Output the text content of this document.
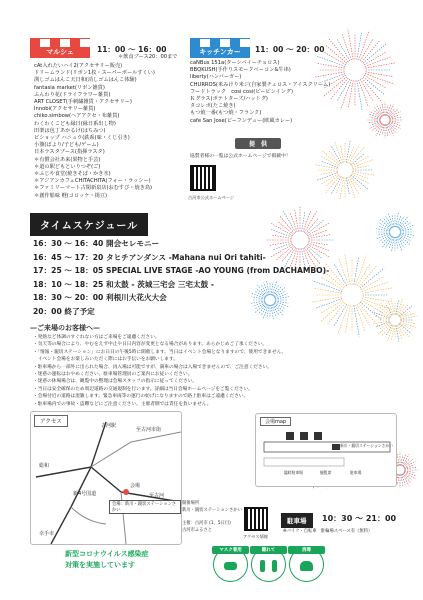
マルシェ	11：00 ～ 16：00
＊飲食ブース20：00まで
cAt入れたいハイ2(アクセサリー販売)
ドリームランド(リボン1枚・スーパーボールすくい)
渕しゴムはんこ天日和(消しゴムはんこ体験)
fantasia market(リボン雑貨)
ふんわり花(ドライフラワー雑貨)
ART CLOSET(手刺繍雑貨・アクセサリー)
Innobi(アクセサリー雑貨)
chiko.simbow(ヘアアクセ・布雑貨)
わくわくこども縁日(縁日系出し物)
田楽は包丁あかるけ(はちみつ)
ピショップ ハニュウ(鉄系(味・くじ引き)
小籏(ばより/子ども/ゲーム)
日本ラスタブース(指揮ラスタ)
＊有償会社あ来(果物と手芸)
＊道の駅どもといりつぞ(ご)
＊ふじや食堂(焼きそば・かき氷)
＊アジアンカフェCHITACHITA(フォー・ラッシー)
＊ファミリーマート古閑新泉店(おむすび・焼き鳥)
＊創作船味 軽(コロッケ・揚豆)
キッチンカー	11：00 ～ 20：00
caNBus 151a(ターシバイーチョロス)
BBQKUSH(手作りスモークベーコン&牛串)
liberty(ハンバーガー)
CHURROS(米みけり米ジ(自家製チュロス・アイスクリーム)
フードトラック　cosi cosi(ピーピンイング)
Ｋグラス(ボテトターズ/ハットグ)
タコレボ(たこ焼き)
もつ焼一番(もつ焼・フランク)
cafe San Jose(ビーフンデュー(欧風カレー)
提　供
協賛者様の一覧は公式ホームページで掲載中！
古河市公式ホームページ
タイムスケジュール
16：30 ～ 16：40 開会セレモニー
16：45 ～ 17：20 タヒチアンダンス -Mahana nui Ori tahiti-
17：25 ～ 18：05 SPECIAL LIVE STAGE -AO YOUNG (from DACHAMBO)-
18：10 ～ 18：25 和太鼓 - 茨城三宅会 三宅太鼓 -
18：30 ～ 20：00 利根川大花火大会
20：00 終了予定
—ご来場のお客様へ—
・発熱など体調のすぐれない方はご来場をご遠慮ください。
・気天等の場合により、やむをえず中止や日日内容が変更となる場合があります。あらかじめご了承ください。
・「情報・親切ステーション」にお日日の午後5時に開催します。当日はイベント会場となりますので、使用できません。
　イベント会場をお楽しみいただく際にはお手伝いをお願いします。
・駐車場から一部外に出られた場合、再入場は可能ですが、満車の場合は入場できませんので、ご注意ください。
・迷惑の運転はおやめください。駐車場管理員のご案内にお従いください。
・迷惑の休場場合は、観覧中の整理は会場スタッフの指示に従ってください。
・当日は安全確保のため周辺道路の交通規制を行います。詳細は当日会場ホームページをご覧ください。
・会場付近の道路は混雑します。緊急車両等の運行の妨げになりますので路上駐車はご遠慮ください。
・駐車場内での事故・盗難などにご注意ください。主催者側では責任を負いません。
アクセス
古河駅
新4号国道	至古河
至古河市街
幸手市
総和
会場
会場：新川・親切ステーションさかい
開催場所
新川・親切ステーションさかい
主催：古河市 (1、5日目)
古河市ふるさと
アクセス情報
会場map
新川・親切ステーションさかい
観覧席	駐車場
臨時駐車場
駐車場	10：30 ～ 21：00
※バイク・自転車　駐輪場スペース有（無料）
新型コロナウイルス感染症
対策を実施しています
マスク着用	離れて	消毒
